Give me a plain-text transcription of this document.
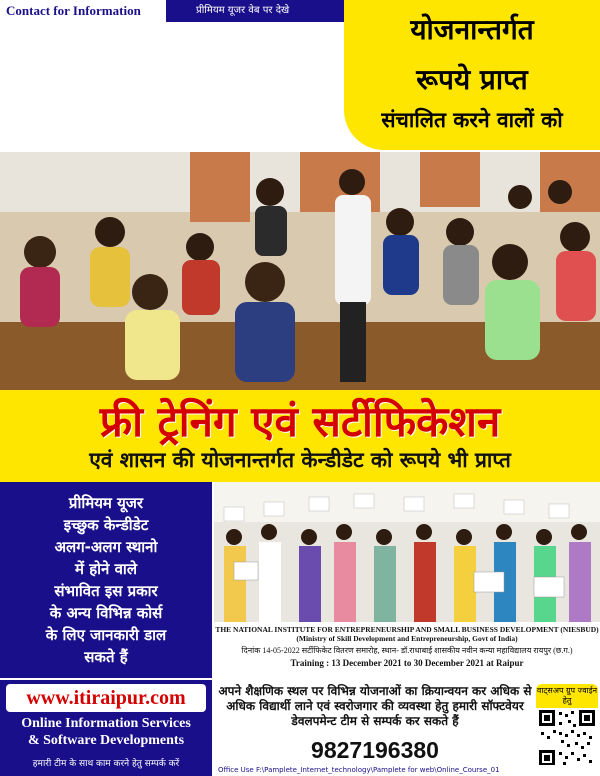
Contact for Information	प्रीमियम यूजर वेब पर देखे
योजनान्तर्गत
रूपये प्राप्त
संचालित करने वालों को
फ्री ट्रेनिंग एवं सर्टीफिकेशन
एवं शासन की योजनान्तर्गत केन्डीडेट को रूपये भी प्राप्त
प्रीमियम यूजर
इच्छुक केन्डीडेट
अलग-अलग स्थानो
में होने वाले
संभावित इस प्रकार
के अन्य विभिन्न कोर्स
के लिए जानकारी डाल
सकते हैं
THE NATIONAL INSTITUTE FOR ENTREPRENEURSHIP AND SMALL BUSINESS DEVELOPMENT (NIESBUD)
(Ministry of Skill Development and Entrepreneurship, Govt of India)
दिनांक 14-05-2022 सर्टीफिकेट वितरण समारोह, स्थान- डॉ.राधाबाई शासकीय नवीन कन्या महाविद्यालय रायपुर (छ.ग.)
Training : 13 December 2021 to 30 December 2021 at Raipur
www.itiraipur.com
Online Information Services
& Software Developments
हमारी टीम के साथ काम करने हेतु सम्पर्क करें
अपने शैक्षणिक स्थल पर विभिन्न योजनाओं का क्रियान्वयन कर अधिक से अधिक विद्यार्थी लाने एवं स्वरोजगार की व्यवस्था हेतु हमारी सॉफ्टवेयर डेवलपमेन्ट टीम से सम्पर्क कर सकते हैं
9827196380
वाट्सअप ग्रुप ज्वाईन हेतु
Office Use F:\Pamplete_Internet_technology\Pamplete for web\Online_Course_01
